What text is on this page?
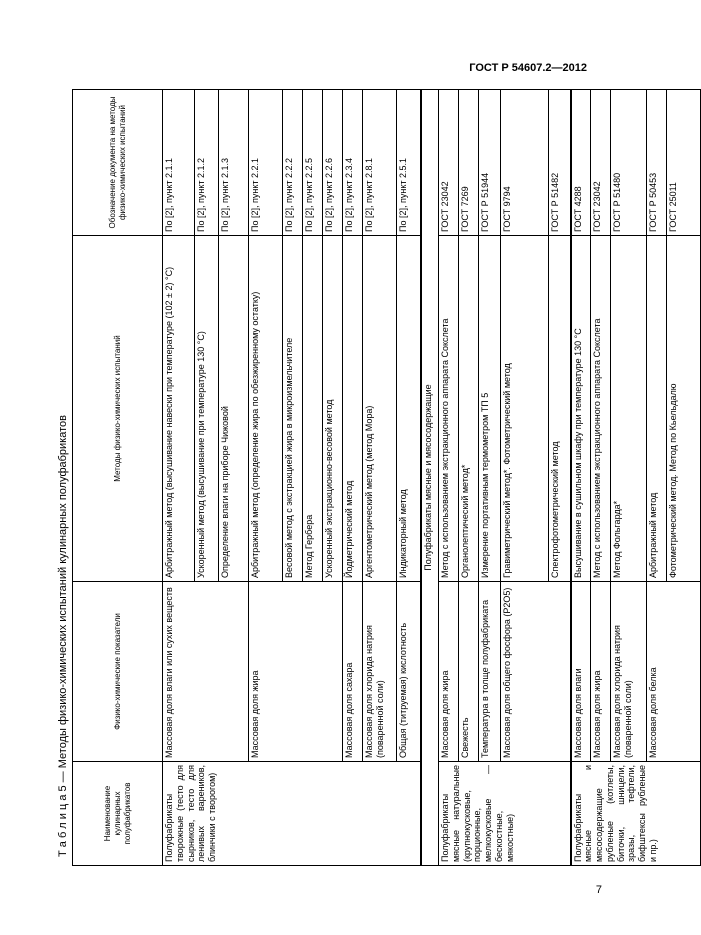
ГОСТ Р 54607.2—2012
Т а б л и ц а 5 — Методы физико-химических испытаний кулинарных полуфабрикатов	Наименование кулинарных полуфабрикатов	Физико-химические показатели	Методы физико-химических испытаний	Обозначение документа на методы физико-химических испытаний
Полуфабрикаты творожные (тесто для сырников, тесто для ленивых вареников, блинчики с творогом)	Массовая доля влаги или сухих веществ	Арбитражный метод (высушивание навески при температуре (102 ± 2) °С)	По [2], пункт 2.1.1
		Ускоренный метод (высушивание при температуре 130 °С)	По [2], пункт 2.1.2
		Определение влаги на приборе Чижовой	По [2], пункт 2.1.3
	Массовая доля жира	Арбитражный метод (определение жира по обезжиренному остатку)	По [2], пункт 2.2.1
		Весовой метод с экстракцией жира в микроизмельчителе	По [2], пункт 2.2.2
		Метод Гербера	По [2], пункт 2.2.5
		Ускоренный экстракционно-весовой метод	По [2], пункт 2.2.6
	Массовая доля сахара	Йодметрический метод	По [2], пункт 2.3.4
	Массовая доля хлорида натрия (поваренной соли)	Аргентометрический метод (метод Мора)	По [2], пункт 2.8.1
	Общая (титруемая) кислотность	Индикаторный метод	По [2], пункт 2.5.1
Полуфабрикаты мясные и мясосодержащие			
Полуфабрикаты мясные натуральные (крупнокусковые, порционные, мелкокусковые — бескостные, мякостные)	Массовая доля жира	Метод с использованием экстракционного аппарата Сокслета	ГОСТ 23042
	Свежесть	Органолептический метод*	ГОСТ 7269
	Температура в толще полуфабриката	Измерение портативным термометром ТП 5	ГОСТ Р 51944
	Массовая доля общего фосфора (P2O5)	Гравиметрический метод*. Фотометрический метод	ГОСТ 9794
		Спектрофотометрический метод	ГОСТ Р 51482
Полуфабрикаты мясные и мясосодержащие рубленые (котлеты, биточки, шницели, зразы, тефтели, бифштексы рубленые и пр.)	Массовая доля влаги	Высушивание в сушильном шкафу при температуре 130 °С	ГОСТ 4288
	Массовая доля жира	Метод с использованием экстракционного аппарата Сокслета	ГОСТ 23042
	Массовая доля хлорида натрия (поваренной соли)	Метод Фольгарда*	ГОСТ Р 51480
	Массовая доля белка	Арбитражный метод	ГОСТ Р 50453
		Фотометрический метод. Метод по Кьельдалю	ГОСТ 25011
7
